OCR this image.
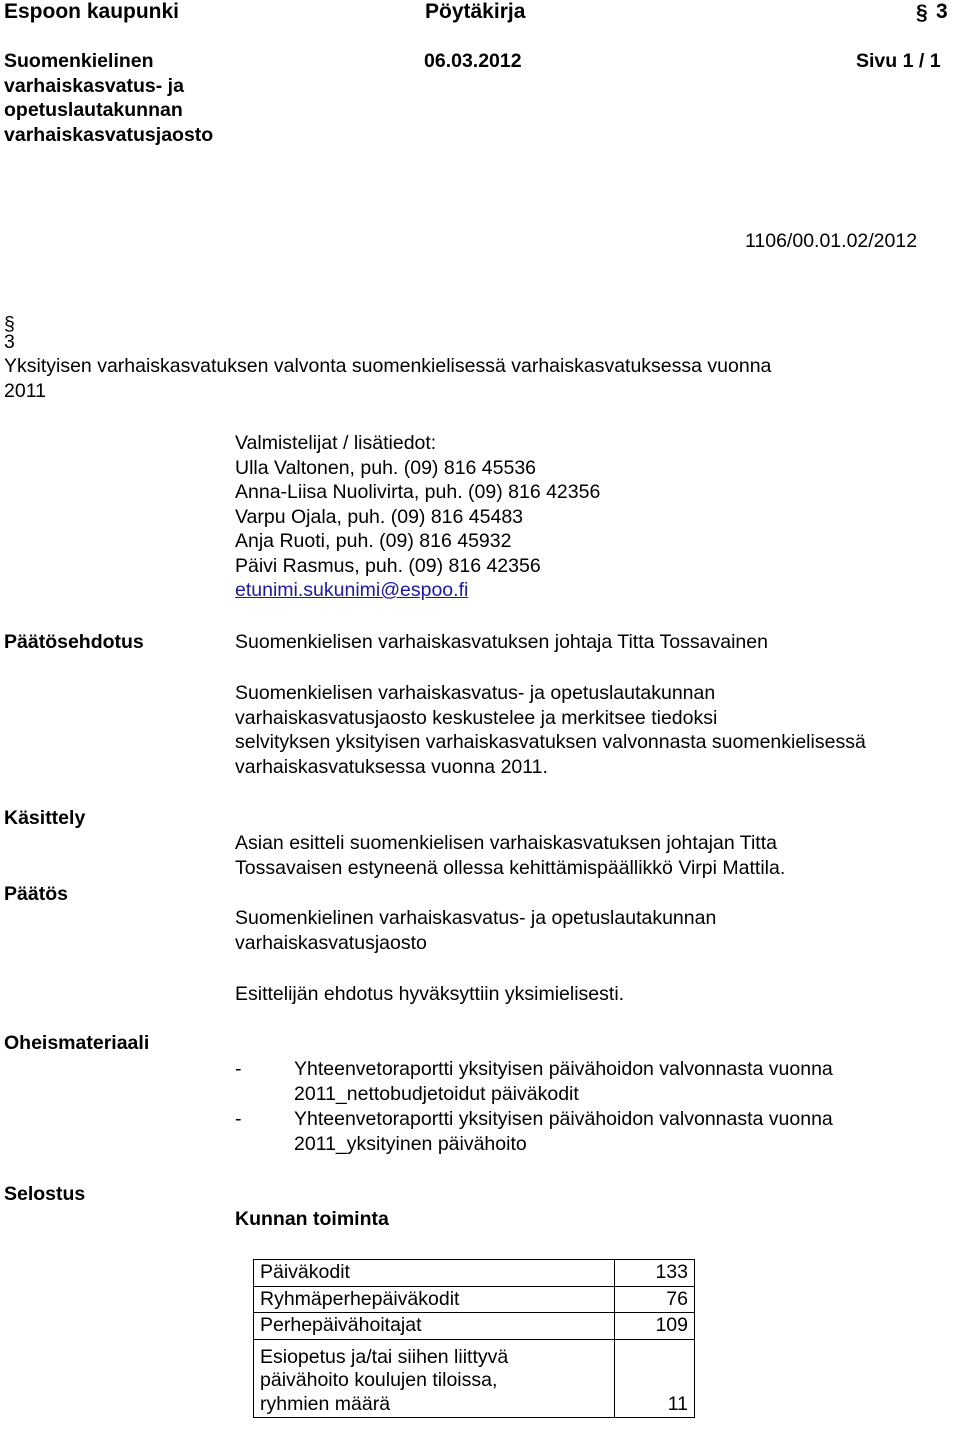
Espoon kaupunki	Pöytäkirja	§ 3
Suomenkielinen
varhaiskasvatus- ja
opetuslautakunnan
varhaiskasvatusjaosto
06.03.2012	Sivu 1 / 1
1106/00.01.02/2012
§
3
Yksityisen varhaiskasvatuksen valvonta suomenkielisessä varhaiskasvatuksessa vuonna
2011
Valmistelijat / lisätiedot:
Ulla Valtonen, puh. (09) 816 45536
Anna-Liisa Nuolivirta, puh. (09) 816 42356
Varpu Ojala, puh. (09) 816 45483
Anja Ruoti, puh. (09) 816 45932
Päivi Rasmus, puh. (09) 816 42356
etunimi.sukunimi@espoo.fi
Päätösehdotus
Käsittely
Päätös
Oheismateriaali
Selostus
Suomenkielisen varhaiskasvatuksen johtaja Titta Tossavainen
Suomenkielisen varhaiskasvatus- ja opetuslautakunnan
varhaiskasvatusjaosto keskustelee ja merkitsee tiedoksi
selvityksen yksityisen varhaiskasvatuksen valvonnasta suomenkielisessä
varhaiskasvatuksessa vuonna 2011.
Asian esitteli suomenkielisen varhaiskasvatuksen johtajan Titta
Tossavaisen estyneenä ollessa kehittämispäällikkö Virpi Mattila.
Suomenkielinen varhaiskasvatus- ja opetuslautakunnan
varhaiskasvatusjaosto
Esittelijän ehdotus hyväksyttiin yksimielisesti.
-	Yhteenvetoraportti yksityisen päivähoidon valvonnasta vuonna
2011_nettobudjetoidut päiväkodit
-	Yhteenvetoraportti yksityisen päivähoidon valvonnasta vuonna
2011_yksityinen päivähoito
Kunnan toiminta
Päiväkodit	133
Ryhmäperhepäiväkodit	76
Perhepäivähoitajat	109

Esiopetus ja/tai siihen liittyvä
päivähoito koulujen tiloissa,
ryhmien määrä	11
